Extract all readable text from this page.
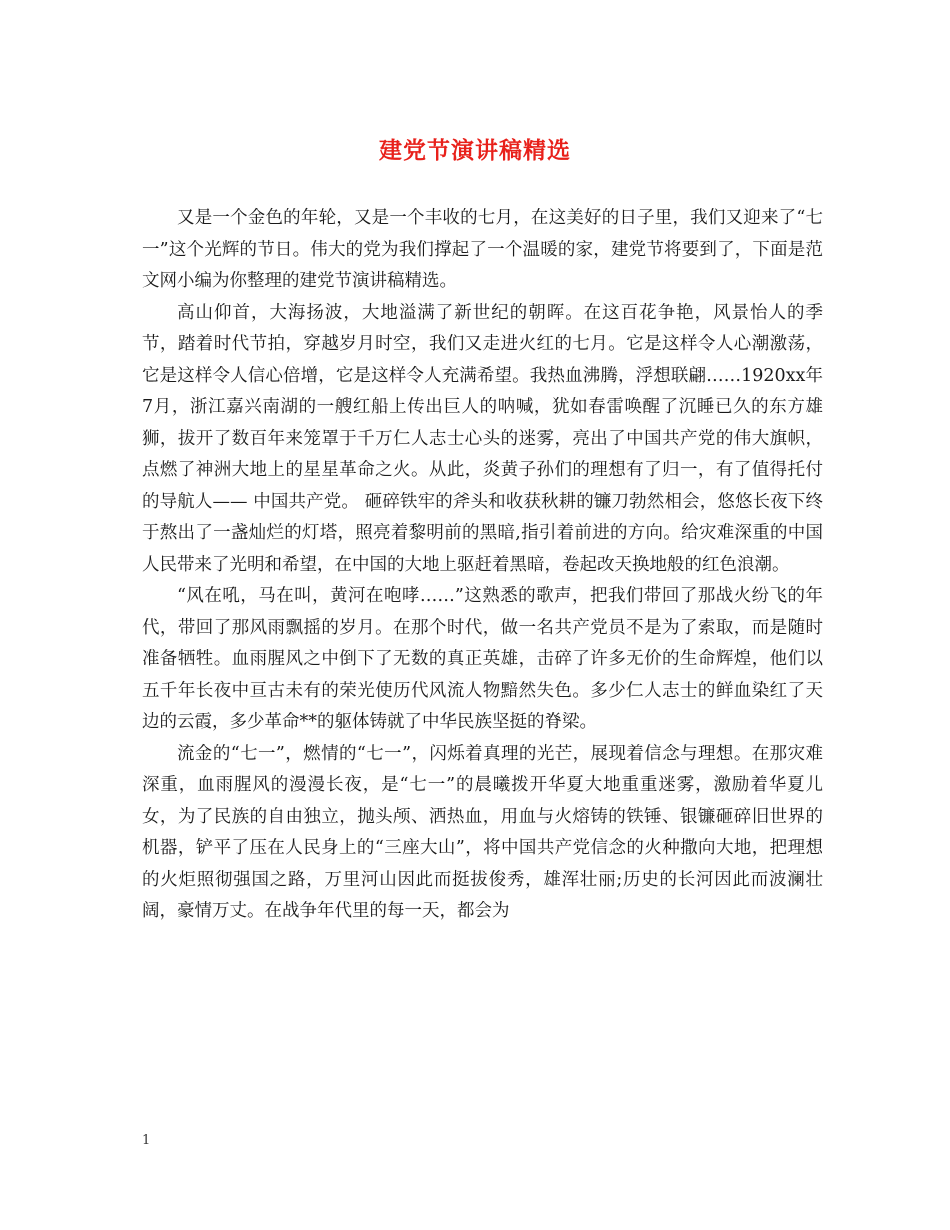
建党节演讲稿精选

又是一个金色的年轮，又是一个丰收的七月，在这美好的日子里，我们又迎来了“七一”这个光辉的节日。伟大的党为我们撑起了一个温暖的家，建党节将要到了，下面是范文网小编为你整理的建党节演讲稿精选。

高山仰首，大海扬波，大地溢满了新世纪的朝晖。在这百花争艳，风景怡人的季节，踏着时代节拍，穿越岁月时空，我们又走进火红的七月。它是这样令人心潮激荡，它是这样令人信心倍增，它是这样令人充满希望。我热血沸腾，浮想联翩……1920xx年7月，浙江嘉兴南湖的一艘红船上传出巨人的呐喊，犹如春雷唤醒了沉睡已久的东方雄狮，拔开了数百年来笼罩于千万仁人志士心头的迷雾，亮出了中国共产党的伟大旗帜，点燃了神洲大地上的星星革命之火。从此，炎黄子孙们的理想有了归一，有了值得托付的导航人—— 中国共产党。 砸碎铁牢的斧头和收获秋耕的镰刀勃然相会，悠悠长夜下终于熬出了一盏灿烂的灯塔，照亮着黎明前的黑暗,指引着前进的方向。给灾难深重的中国人民带来了光明和希望，在中国的大地上驱赶着黑暗，卷起改天换地般的红色浪潮。

“风在吼，马在叫，黄河在咆哮……”这熟悉的歌声，把我们带回了那战火纷飞的年代，带回了那风雨飘摇的岁月。在那个时代，做一名共产党员不是为了索取，而是随时准备牺牲。血雨腥风之中倒下了无数的真正英雄，击碎了许多无价的生命辉煌，他们以五千年长夜中亘古未有的荣光使历代风流人物黯然失色。多少仁人志士的鲜血染红了天边的云霞，多少革命**的躯体铸就了中华民族坚挺的脊梁。

流金的“七一”，燃情的“七一”，闪烁着真理的光芒，展现着信念与理想。在那灾难深重，血雨腥风的漫漫长夜，是“七一”的晨曦拨开华夏大地重重迷雾，激励着华夏儿女，为了民族的自由独立，抛头颅、洒热血，用血与火熔铸的铁锤、银镰砸碎旧世界的机器，铲平了压在人民身上的“三座大山”，将中国共产党信念的火种撒向大地，把理想的火炬照彻强国之路，万里河山因此而挺拔俊秀，雄浑壮丽;历史的长河因此而波澜壮阔，豪情万丈。在战争年代里的每一天，都会为

1
